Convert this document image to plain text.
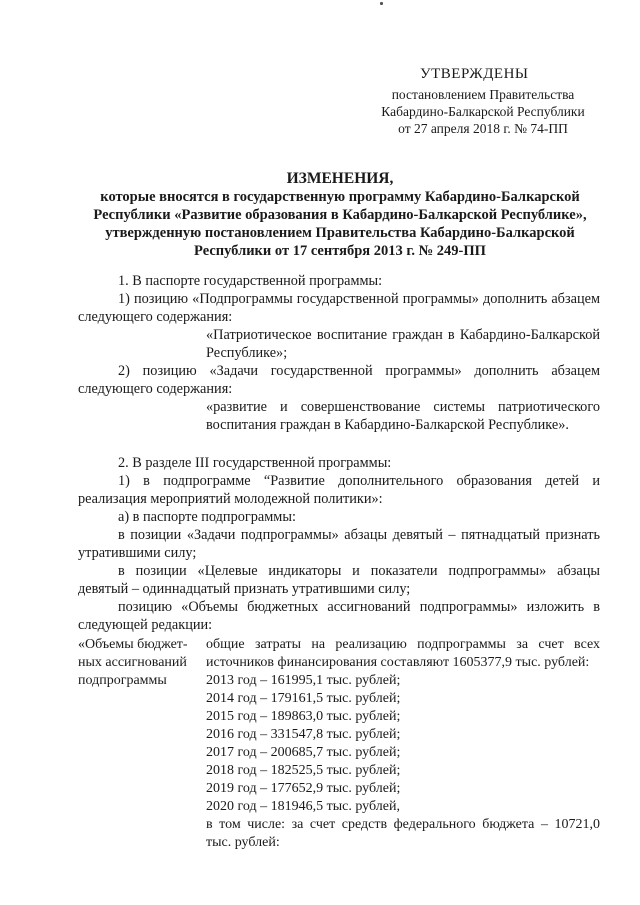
УТВЕРЖДЕНЫ
постановлением Правительства
Кабардино-Балкарской Республики
от 27 апреля 2018 г. № 74-ПП
ИЗМЕНЕНИЯ,
которые вносятся в государственную программу Кабардино-Балкарской
Республики «Развитие образования в Кабардино-Балкарской Республике»,
утвержденную постановлением Правительства Кабардино-Балкарской
Республики от 17 сентября 2013 г. № 249-ПП

1. В паспорте государственной программы:

1) позицию «Подпрограммы государственной программы» дополнить абзацем следующего содержания:

«Патриотическое воспитание граждан в Кабардино-Балкарской Республике»;

2) позицию «Задачи государственной программы» дополнить абзацем следующего содержания:

«развитие и совершенствование системы патриотического воспитания граждан в Кабардино-Балкарской Республике».

2. В разделе III государственной программы:

1) в подпрограмме “Развитие дополнительного образования детей и реализация мероприятий молодежной политики»:

а) в паспорте подпрограммы:

в позиции «Задачи подпрограммы» абзацы девятый – пятнадцатый признать утратившими силу;

в позиции «Целевые индикаторы и показатели подпрограммы» абзацы девятый – одиннадцатый признать утратившими силу;

позицию «Объемы бюджетных ассигнований подпрограммы» изложить в следующей редакции:

«Объемы бюджет-ных ассигнований подпрограммы
общие затраты на реализацию подпрограммы за счет всех источников финансирования составляют 1605377,9 тыс. рублей:
2013 год – 161995,1 тыс. рублей;
2014 год – 179161,5 тыс. рублей;
2015 год – 189863,0 тыс. рублей;
2016 год – 331547,8 тыс. рублей;
2017 год – 200685,7 тыс. рублей;
2018 год – 182525,5 тыс. рублей;
2019 год – 177652,9 тыс. рублей;
2020 год – 181946,5 тыс. рублей,
в том числе: за счет средств федерального бюджета – 10721,0 тыс. рублей:
